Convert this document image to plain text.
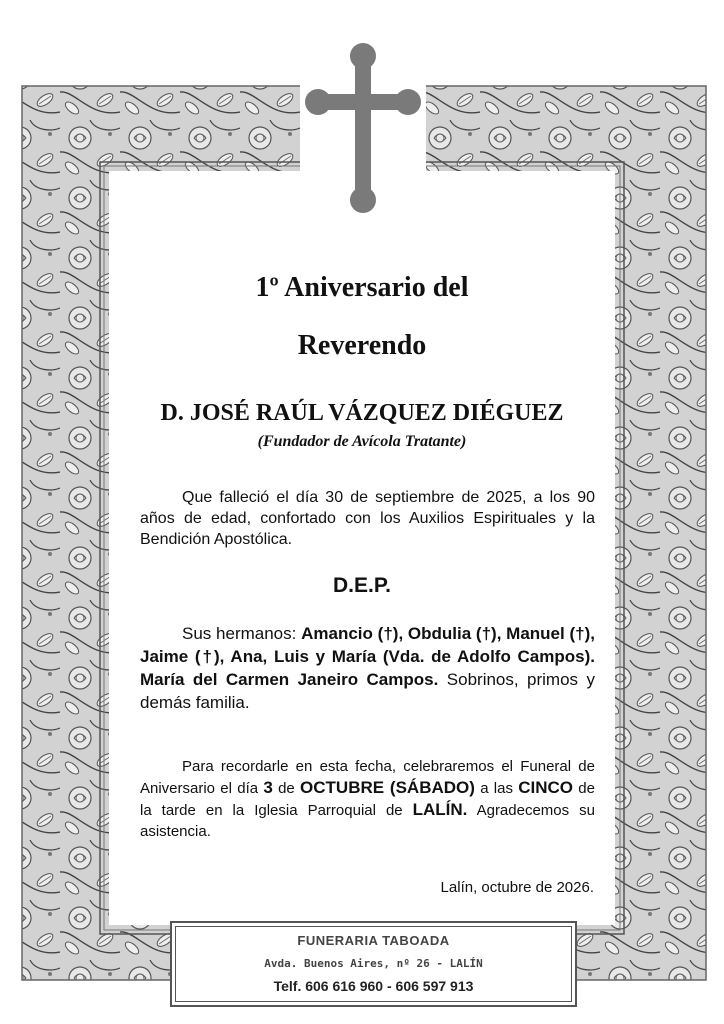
1º Aniversario del
Reverendo
D. JOSÉ RAÚL VÁZQUEZ DIÉGUEZ
(Fundador de Avícola Tratante)
Que falleció el día 30 de septiembre de 2025, a los 90 años de edad, confortado con los Auxilios Espirituales y la Bendición Apostólica.
D.E.P.
Sus hermanos: Amancio (†), Obdulia (†), Manuel (†), Jaime (†), Ana, Luis y María (Vda. de Adolfo Campos). María del Carmen Janeiro Campos. Sobrinos, primos y demás familia.
Para recordarle en esta fecha, celebraremos el Funeral de Aniversario el día 3 de OCTUBRE (SÁBADO) a las CINCO de la tarde en la Iglesia Parroquial de LALÍN. Agradecemos su asistencia.
Lalín, octubre de 2026.
FUNERARIA TABOADA
Avda. Buenos Aires, nº 26 - LALÍN
Telf. 606 616 960 - 606 597 913
